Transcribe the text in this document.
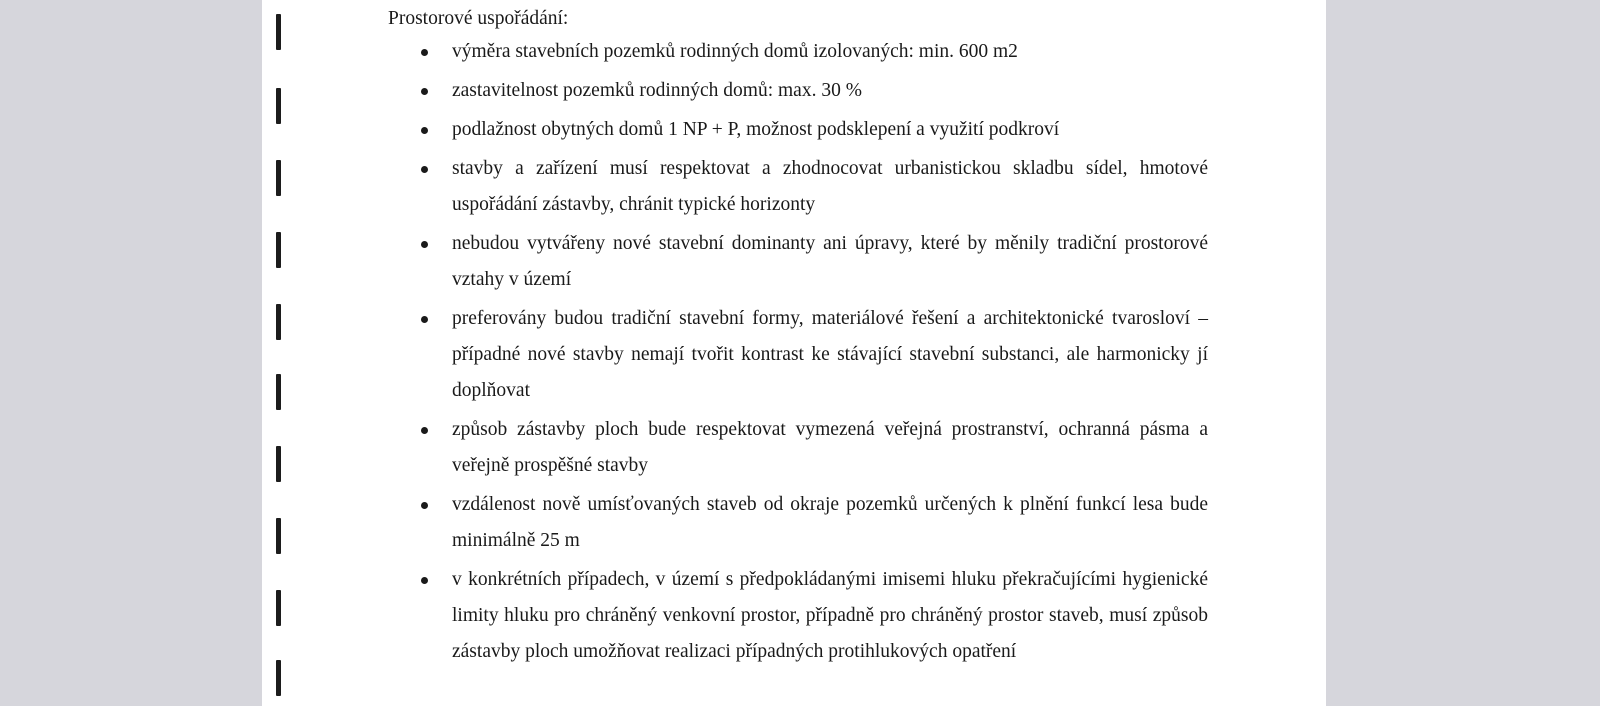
Prostorové uspořádání:

výměra stavebních pozemků rodinných domů izolovaných: min. 600 m2
zastavitelnost pozemků rodinných domů: max. 30 %
podlažnost obytných domů 1 NP + P, možnost podsklepení a využití podkroví
stavby a zařízení musí respektovat a zhodnocovat urbanistickou skladbu sídel, hmotové uspořádání zástavby, chránit typické horizonty
nebudou vytvářeny nové stavební dominanty ani úpravy, které by měnily tradiční prostorové vztahy v území
preferovány budou tradiční stavební formy, materiálové řešení a architektonické tvarosloví – případné nové stavby nemají tvořit kontrast ke stávající stavební substanci, ale harmonicky jí doplňovat
způsob zástavby ploch bude respektovat vymezená veřejná prostranství, ochranná pásma a veřejně prospěšné stavby
vzdálenost nově umísťovaných staveb od okraje pozemků určených k plnění funkcí lesa bude minimálně 25 m
v konkrétních případech, v území s předpokládanými imisemi hluku překračujícími hygienické limity hluku pro chráněný venkovní prostor, případně pro chráněný prostor staveb, musí způsob zástavby ploch umožňovat realizaci případných protihlukových opatření
